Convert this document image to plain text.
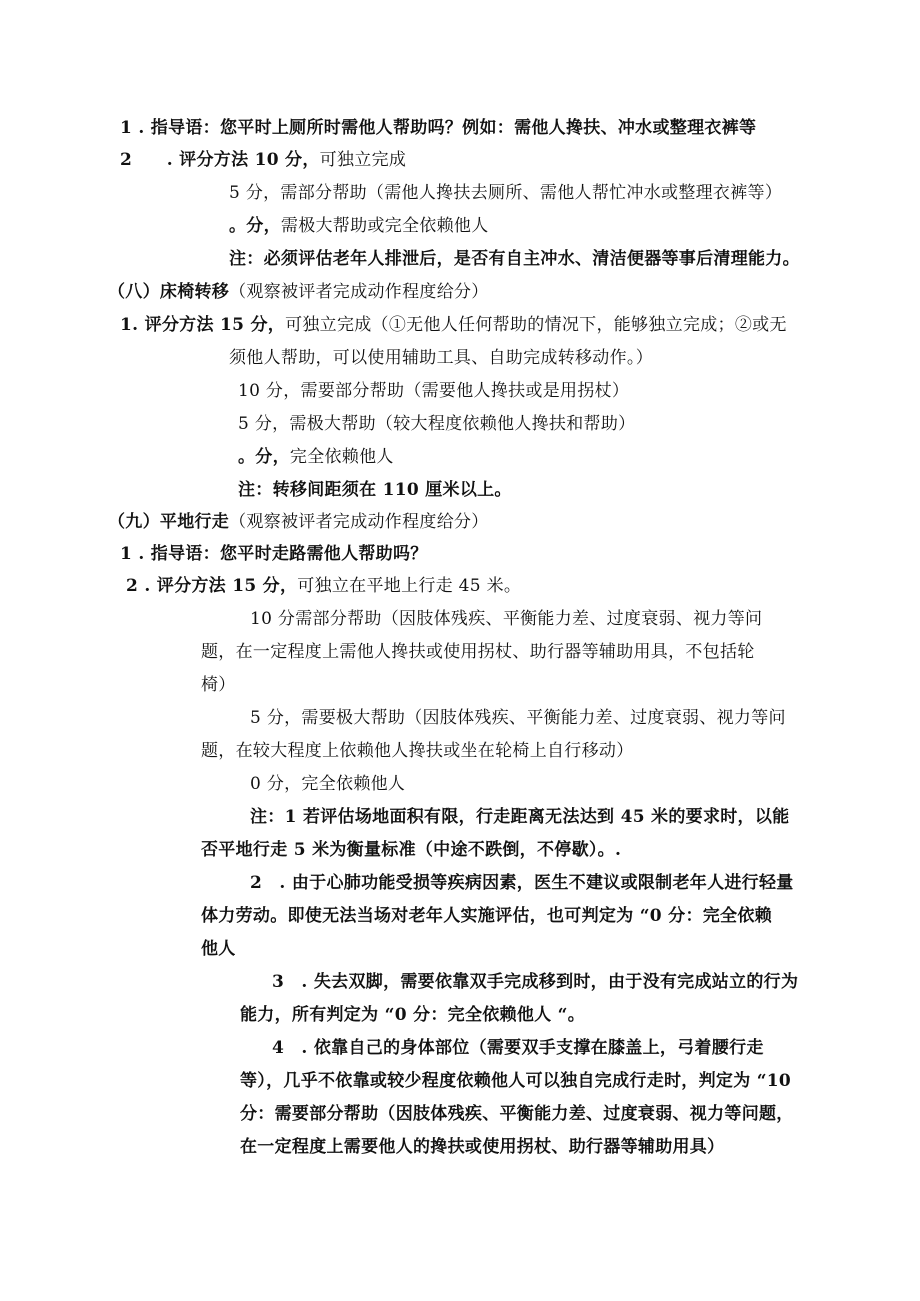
1 . 指导语：您平时上厕所时需他人帮助吗？例如：需他人搀扶、冲水或整理衣裤等
2　　. 评分方法 10 分，可独立完成
5 分，需部分帮助（需他人搀扶去厕所、需他人帮忙冲水或整理衣裤等）
。分，需极大帮助或完全依赖他人
注：必须评估老年人排泄后，是否有自主冲水、清洁便器等事后清理能力。
（八）床椅转移（观察被评者完成动作程度给分）
1. 评分方法 15 分，可独立完成（①无他人任何帮助的情况下，能够独立完成；②或无
须他人帮助，可以使用辅助工具、自助完成转移动作。）
10 分，需要部分帮助（需要他人搀扶或是用拐杖）
5 分，需极大帮助（较大程度依赖他人搀扶和帮助）
。分，完全依赖他人
注：转移间距须在 110 厘米以上。
（九）平地行走（观察被评者完成动作程度给分）
1 . 指导语：您平时走路需他人帮助吗？
2 . 评分方法 15 分，可独立在平地上行走 45 米。
10 分需部分帮助（因肢体残疾、平衡能力差、过度衰弱、视力等问
题，在一定程度上需他人搀扶或使用拐杖、助行器等辅助用具，不包括轮
椅）
5 分，需要极大帮助（因肢体残疾、平衡能力差、过度衰弱、视力等问
题，在较大程度上依赖他人搀扶或坐在轮椅上自行移动）
0 分，完全依赖他人
注：1 若评估场地面积有限，行走距离无法达到 45 米的要求时，以能
否平地行走 5 米为衡量标准（中途不跌倒，不停歇）。.
2　. 由于心肺功能受损等疾病因素，医生不建议或限制老年人进行轻量
体力劳动。即使无法当场对老年人实施评估，也可判定为 “0 分：完全依赖
他人
3　. 失去双脚，需要依靠双手完成移到时，由于没有完成站立的行为
能力，所有判定为 “0 分：完全依赖他人 “。
4　. 依靠自己的身体部位（需要双手支撑在膝盖上，弓着腰行走
等），几乎不依靠或较少程度依赖他人可以独自完成行走时，判定为 “10
分：需要部分帮助（因肢体残疾、平衡能力差、过度衰弱、视力等问题，
在一定程度上需要他人的搀扶或使用拐杖、助行器等辅助用具）
